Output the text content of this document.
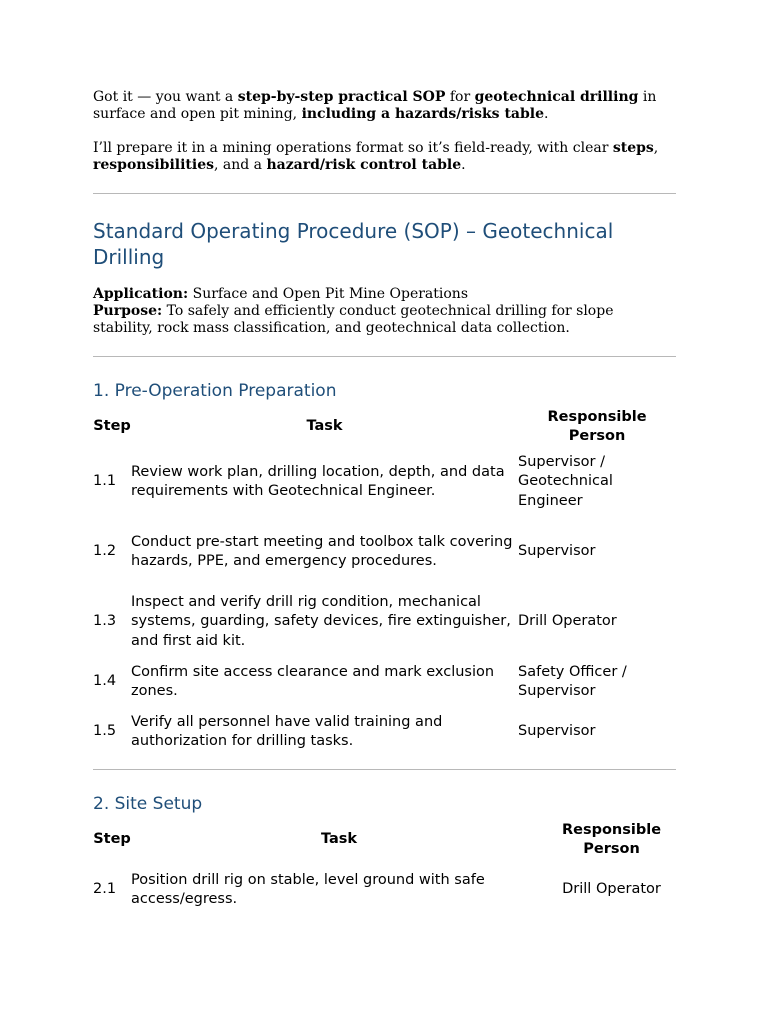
Got it — you want a step-by-step practical SOP for geotechnical drilling in surface and open pit mining, including a hazards/risks table.

I’ll prepare it in a mining operations format so it’s field-ready, with clear steps, responsibilities, and a hazard/risk control table.

Standard Operating Procedure (SOP) – Geotechnical Drilling

Application: Surface and Open Pit Mine Operations

Purpose: To safely and efficiently conduct geotechnical drilling for slope stability, rock mass classification, and geotechnical data collection.

1. Pre-Operation Preparation
Step	Task	Responsible Person
1.1	Review work plan, drilling location, depth, and data requirements with Geotechnical Engineer.	Supervisor / Geotechnical Engineer
1.2	Conduct pre-start meeting and toolbox talk covering hazards, PPE, and emergency procedures.	Supervisor
1.3	Inspect and verify drill rig condition, mechanical systems, guarding, safety devices, fire extinguisher, and first aid kit.	Drill Operator
1.4	Confirm site access clearance and mark exclusion zones.	Safety Officer / Supervisor
1.5	Verify all personnel have valid training and authorization for drilling tasks.	Supervisor
2. Site Setup
Step	Task	Responsible Person
2.1	Position drill rig on stable, level ground with safe access/egress.	Drill Operator
